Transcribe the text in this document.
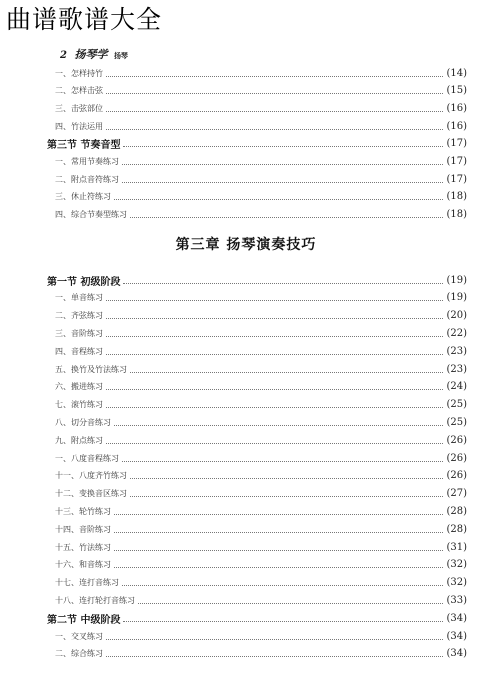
曲谱歌谱大全
2 扬琴学 扬琴
一、怎样持竹	(14)
二、怎样击弦	(15)
三、击弦部位	(16)
四、竹法运用	(16)
第三节 节奏音型	(17)
一、常用节奏练习	(17)
二、附点音符练习	(17)
三、休止符练习	(18)
四、综合节奏型练习	(18)
第三章 扬琴演奏技巧
第一节 初级阶段	(19)
一、单音练习	(19)
二、齐弦练习	(20)
三、音阶练习	(22)
四、音程练习	(23)
五、换竹及竹法练习	(23)
六、搬进练习	(24)
七、滚竹练习	(25)
八、切分音练习	(25)
九、附点练习	(26)
一、八度音程练习	(26)
十一、八度齐竹练习	(26)
十二、变换音区练习	(27)
十三、轮竹练习	(28)
十四、音阶练习	(28)
十五、竹法练习	(31)
十六、和音练习	(32)
十七、连打音练习	(32)
十八、连打轮打音练习	(33)
第二节 中级阶段	(34)
一、交叉练习	(34)
二、综合练习	(34)
